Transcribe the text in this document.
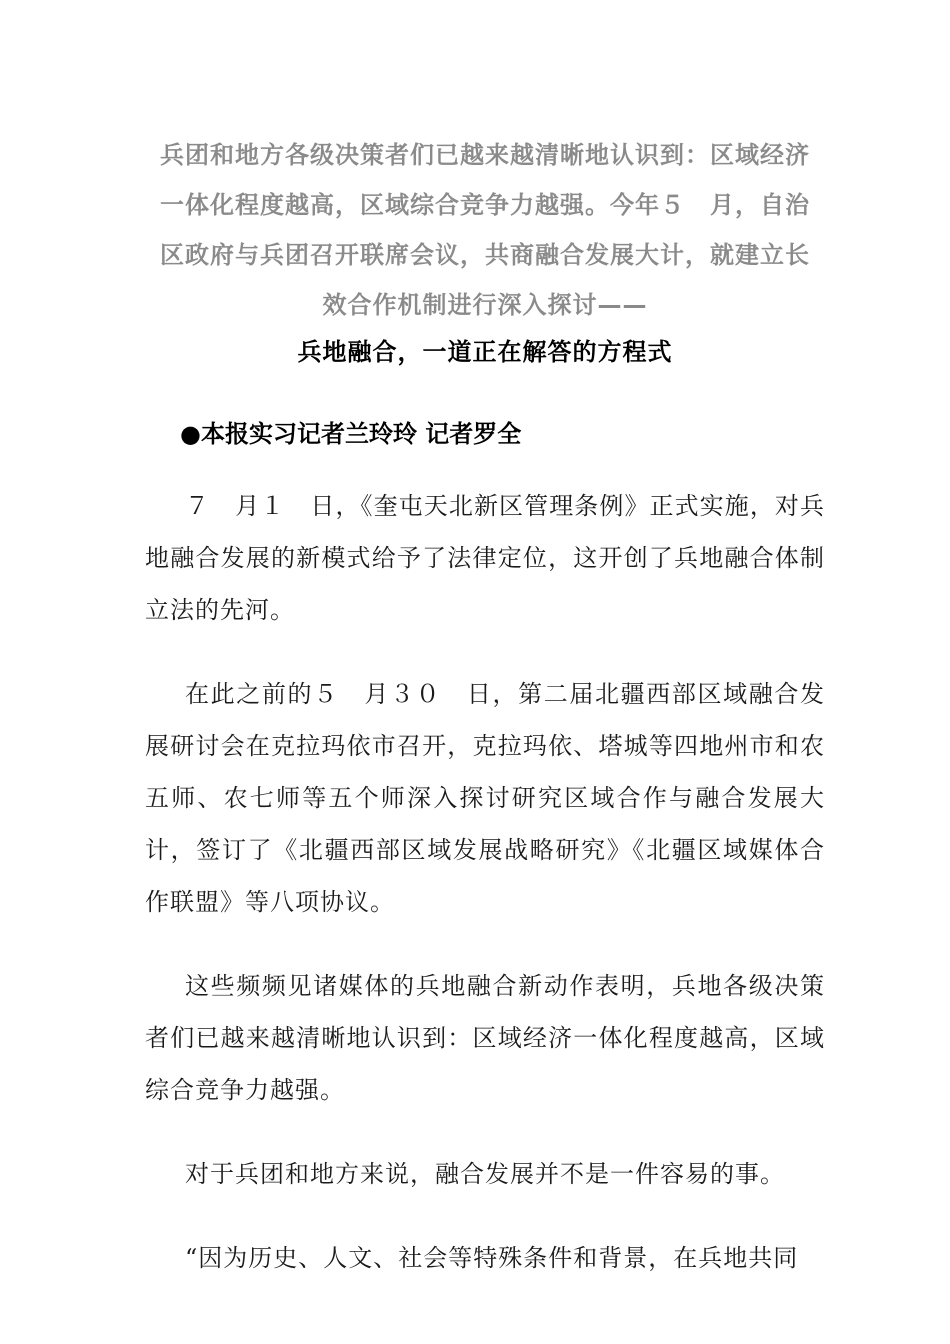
兵团和地方各级决策者们已越来越清晰地认识到：区域经济一体化程度越高，区域综合竞争力越强。今年５　月，自治区政府与兵团召开联席会议，共商融合发展大计，就建立长效合作机制进行深入探讨——
兵地融合，一道正在解答的方程式
●本报实习记者兰玲玲 记者罗全

７　月１　日，《奎屯天北新区管理条例》正式实施，对兵地融合发展的新模式给予了法律定位，这开创了兵地融合体制立法的先河。

在此之前的５　月３０　日，第二届北疆西部区域融合发展研讨会在克拉玛依市召开，克拉玛依、塔城等四地州市和农五师、农七师等五个师深入探讨研究区域合作与融合发展大计，签订了《北疆西部区域发展战略研究》《北疆区域媒体合作联盟》等八项协议。

这些频频见诸媒体的兵地融合新动作表明，兵地各级决策者们已越来越清晰地认识到：区域经济一体化程度越高，区域综合竞争力越强。

对于兵团和地方来说，融合发展并不是一件容易的事。

“因为历史、人文、社会等特殊条件和背景，在兵地共同
